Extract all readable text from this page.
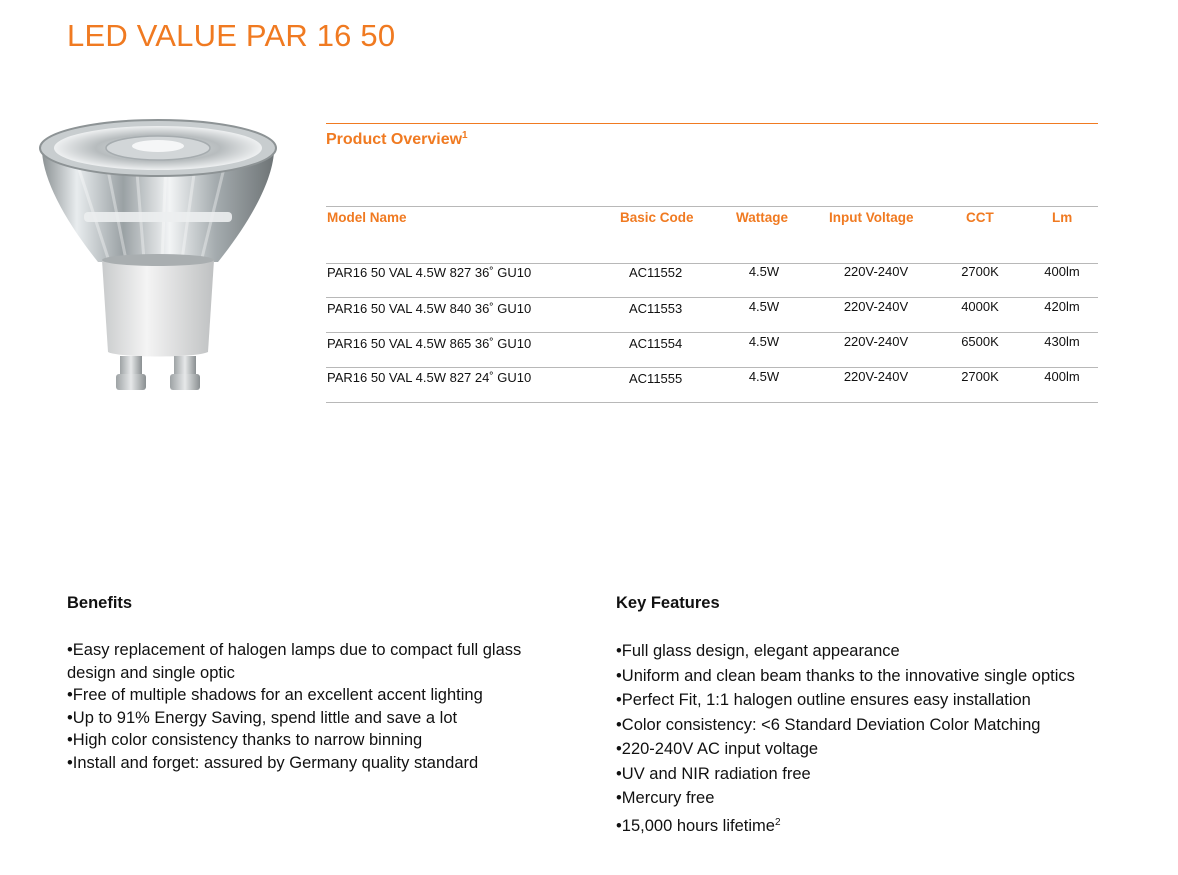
LED VALUE PAR 16 50
Product Overview$^1$
Model Name	Basic Code	Wattage	Input Voltage	CCT	Lm
PAR16 50 VAL 4.5W 827 36˚ GU10	AC11552	4.5W	220V-240V	2700K	400lm
PAR16 50 VAL 4.5W 840 36˚ GU10	AC11553	4.5W	220V-240V	4000K	420lm
PAR16 50 VAL 4.5W 865 36˚ GU10	AC11554	4.5W	220V-240V	6500K	430lm
PAR16 50 VAL 4.5W 827 24˚ GU10	AC11555	4.5W	220V-240V	2700K	400lm
Benefits
•Easy replacement of halogen lamps due to compact full glass design and single optic
•Free of multiple shadows for an excellent accent lighting
•Up to 91% Energy Saving, spend little and save a lot
•High color consistency thanks to narrow binning
•Install and forget: assured by Germany quality standard
Key Features
•Full glass design, elegant appearance
•Uniform and clean beam thanks to the innovative single optics
•Perfect Fit, 1:1 halogen outline ensures easy installation
•Color consistency: <6 Standard Deviation Color Matching
•220-240V AC input voltage
•UV and NIR radiation free
•Mercury free
•15,000 hours lifetime$^2$
